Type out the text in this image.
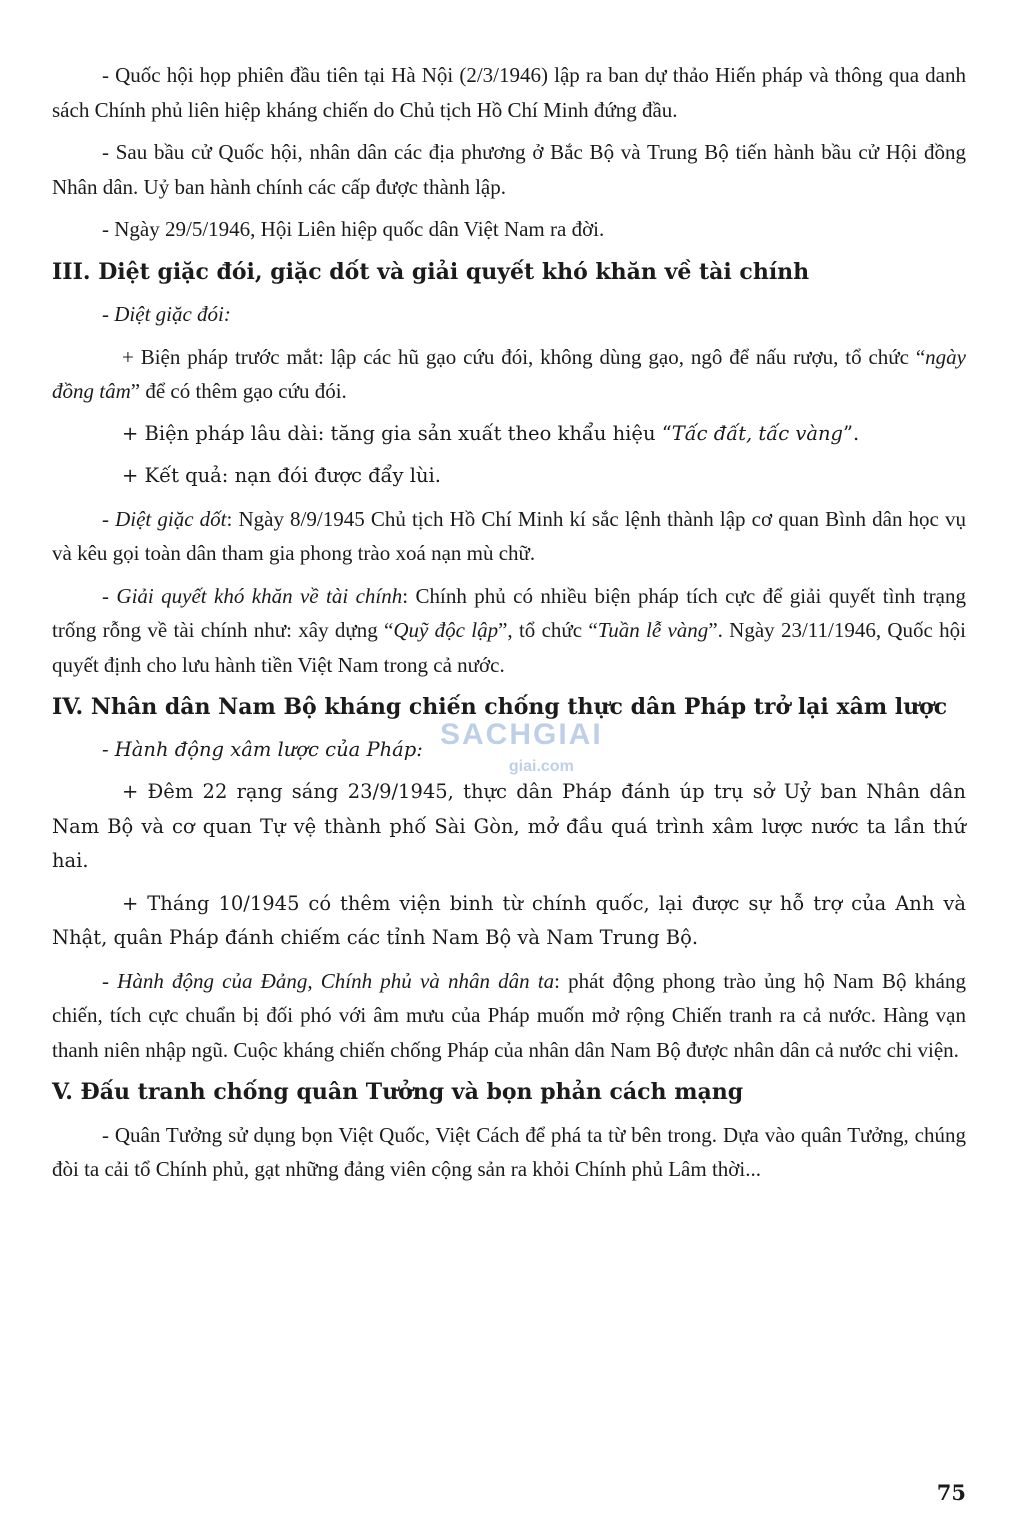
- Quốc hội họp phiên đầu tiên tại Hà Nội (2/3/1946) lập ra ban dự thảo Hiến pháp và thông qua danh sách Chính phủ liên hiệp kháng chiến do Chủ tịch Hồ Chí Minh đứng đầu.

- Sau bầu cử Quốc hội, nhân dân các địa phương ở Bắc Bộ và Trung Bộ tiến hành bầu cử Hội đồng Nhân dân. Uỷ ban hành chính các cấp được thành lập.

- Ngày 29/5/1946, Hội Liên hiệp quốc dân Việt Nam ra đời.

III. Diệt giặc đói, giặc dốt và giải quyết khó khăn về tài chính

- Diệt giặc đói:

+ Biện pháp trước mắt: lập các hũ gạo cứu đói, không dùng gạo, ngô để nấu rượu, tổ chức “ngày đồng tâm” để có thêm gạo cứu đói.

+ Biện pháp lâu dài: tăng gia sản xuất theo khẩu hiệu “Tấc đất, tấc vàng”.

+ Kết quả: nạn đói được đẩy lùi.

- Diệt giặc dốt: Ngày 8/9/1945 Chủ tịch Hồ Chí Minh kí sắc lệnh thành lập cơ quan Bình dân học vụ và kêu gọi toàn dân tham gia phong trào xoá nạn mù chữ.

- Giải quyết khó khăn về tài chính: Chính phủ có nhiều biện pháp tích cực để giải quyết tình trạng trống rỗng về tài chính như: xây dựng “Quỹ độc lập”, tổ chức “Tuần lễ vàng”. Ngày 23/11/1946, Quốc hội quyết định cho lưu hành tiền Việt Nam trong cả nước.

IV. Nhân dân Nam Bộ kháng chiến chống thực dân Pháp trở lại xâm lược

- Hành động xâm lược của Pháp:

+ Đêm 22 rạng sáng 23/9/1945, thực dân Pháp đánh úp trụ sở Uỷ ban Nhân dân Nam Bộ và cơ quan Tự vệ thành phố Sài Gòn, mở đầu quá trình xâm lược nước ta lần thứ hai.

+ Tháng 10/1945 có thêm viện binh từ chính quốc, lại được sự hỗ trợ của Anh và Nhật, quân Pháp đánh chiếm các tỉnh Nam Bộ và Nam Trung Bộ.

- Hành động của Đảng, Chính phủ và nhân dân ta: phát động phong trào ủng hộ Nam Bộ kháng chiến, tích cực chuẩn bị đối phó với âm mưu của Pháp muốn mở rộng Chiến tranh ra cả nước. Hàng vạn thanh niên nhập ngũ. Cuộc kháng chiến chống Pháp của nhân dân Nam Bộ được nhân dân cả nước chi viện.

V. Đấu tranh chống quân Tưởng và bọn phản cách mạng

- Quân Tưởng sử dụng bọn Việt Quốc, Việt Cách để phá ta từ bên trong. Dựa vào quân Tưởng, chúng đòi ta cải tổ Chính phủ, gạt những đảng viên cộng sản ra khỏi Chính phủ Lâm thời...

SACHGIAI
giai.com
75
